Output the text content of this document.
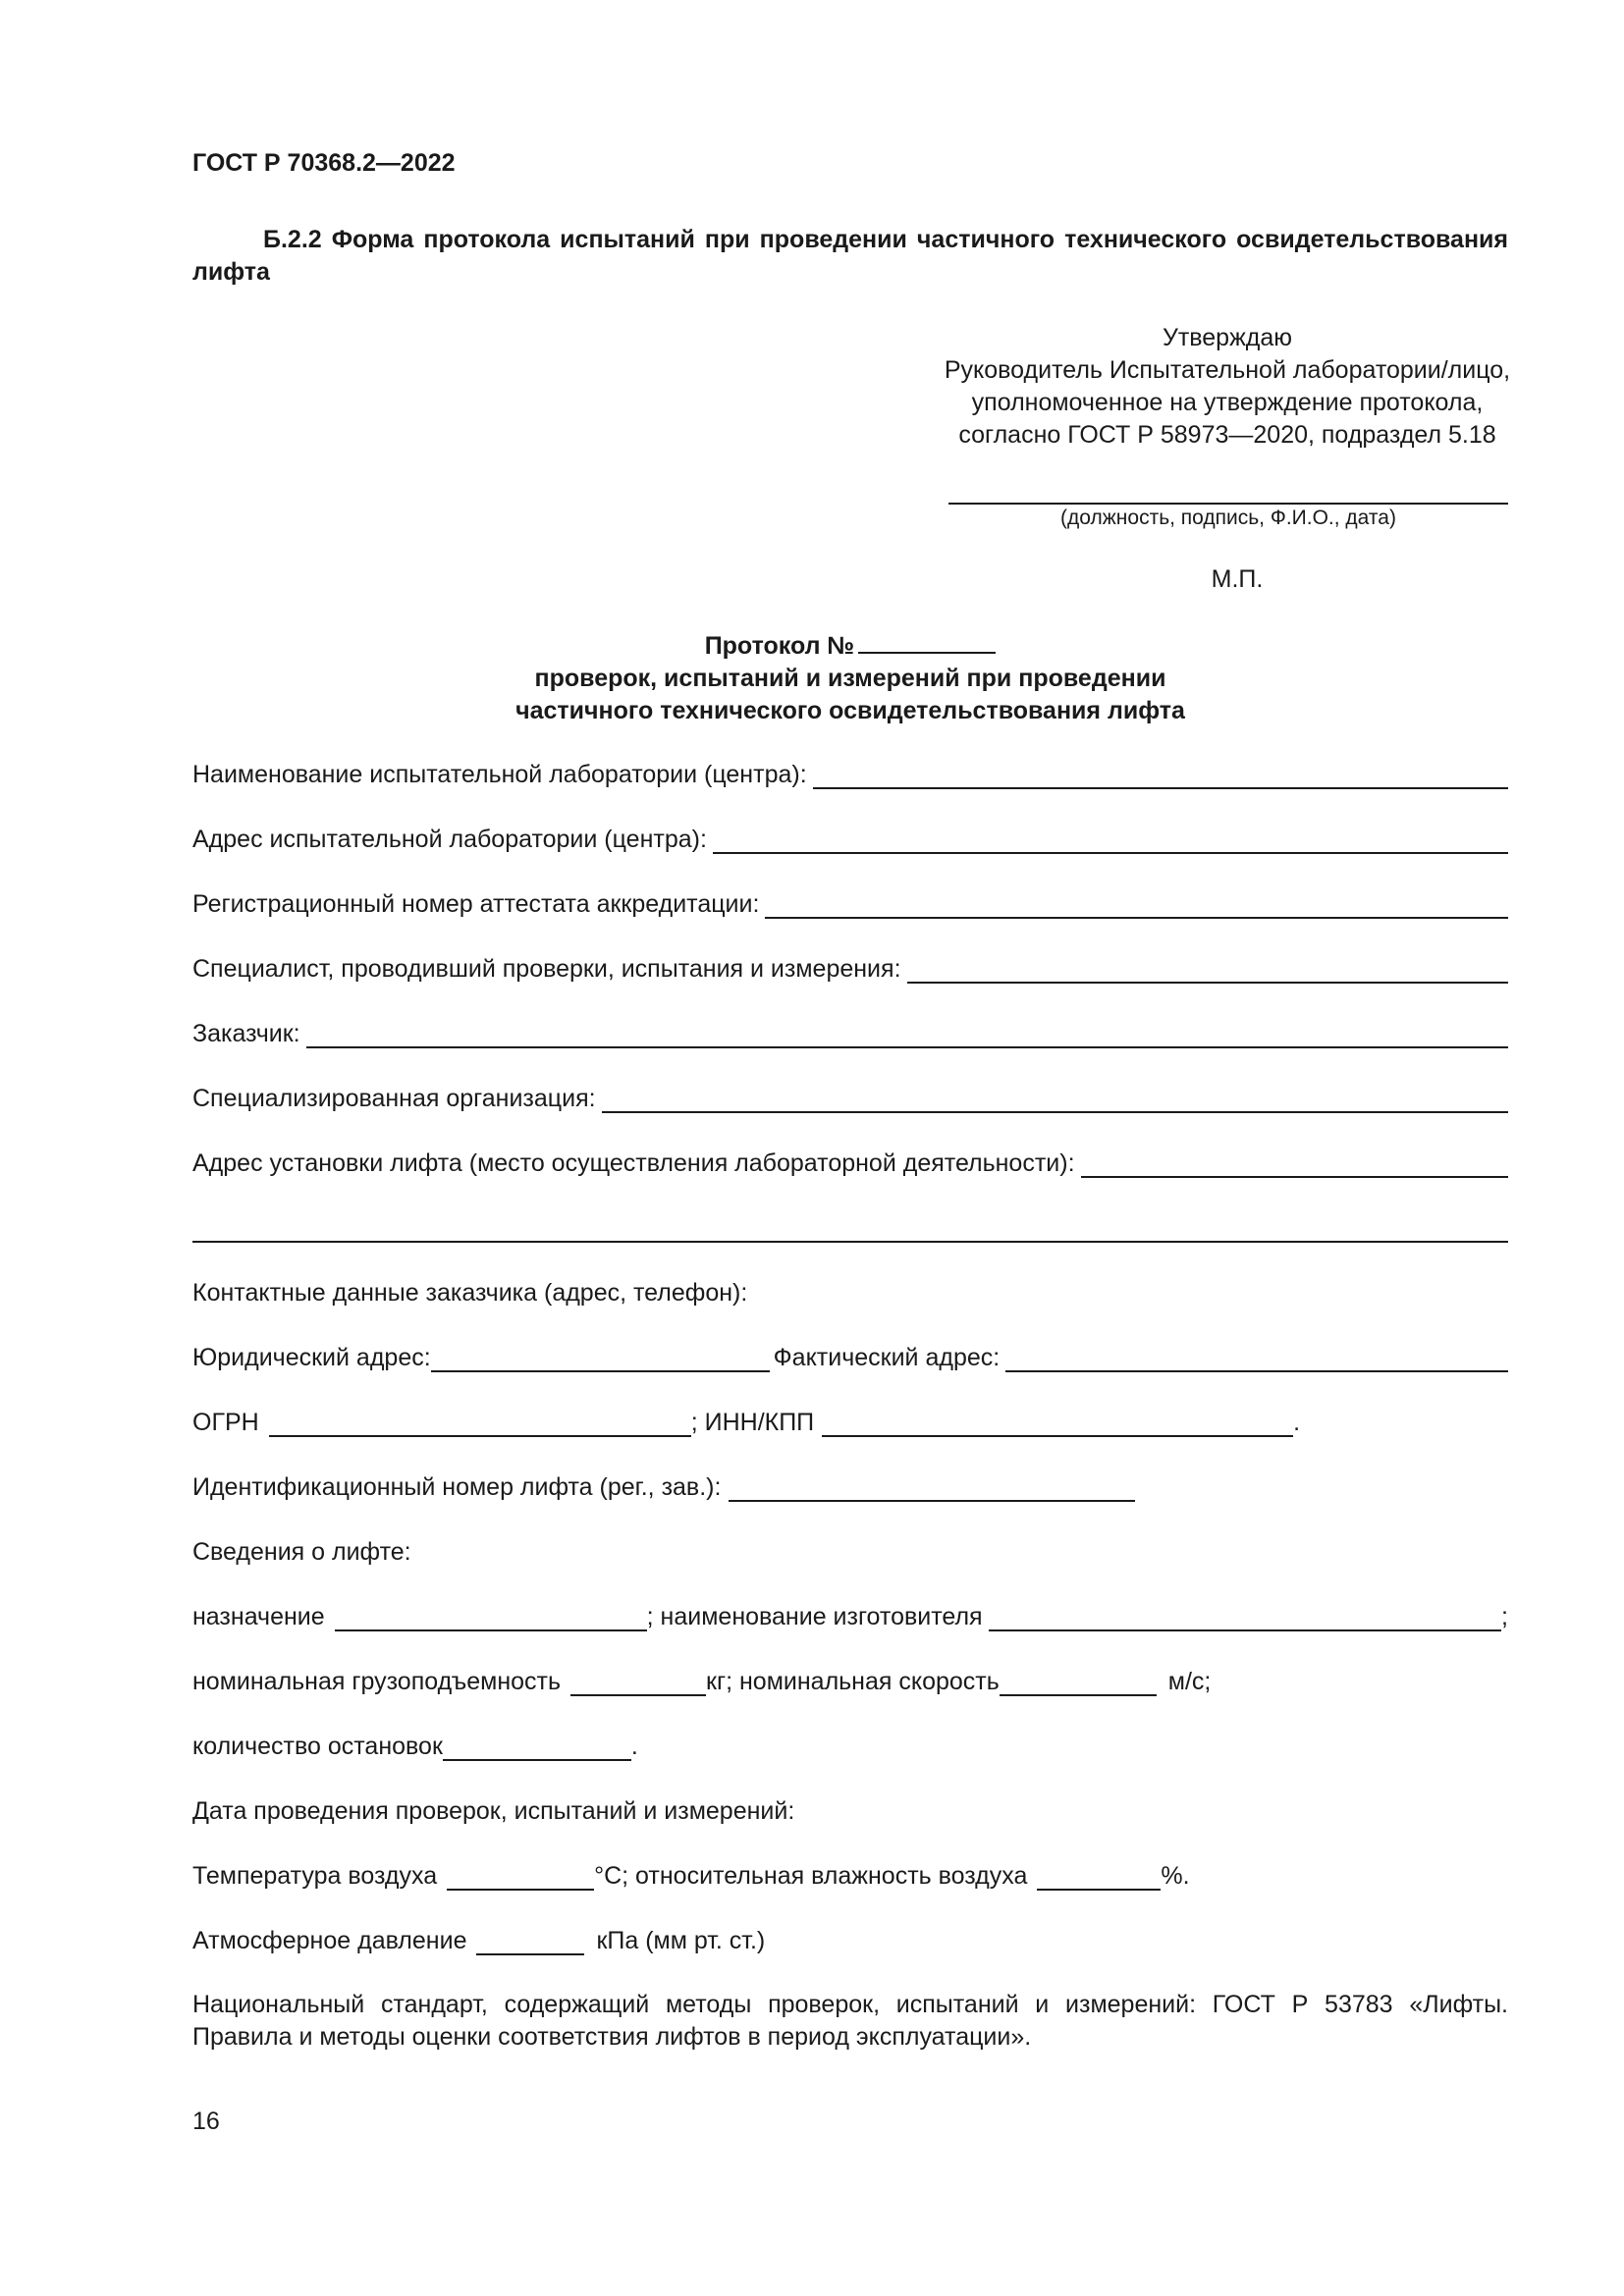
ГОСТ Р 70368.2—2022
Б.2.2 Форма протокола испытаний при проведении частичного технического освидетельствования лифта
Утверждаю
Руководитель Испытательной лаборатории/лицо,
уполномоченное на утверждение протокола,
согласно ГОСТ Р 58973—2020, подраздел 5.18
(должность, подпись, Ф.И.О., дата)
М.П.
Протокол №
проверок, испытаний и измерений при проведении
частичного технического освидетельствования лифта
Наименование испытательной лаборатории (центра):
Адрес испытательной лаборатории (центра):
Регистрационный номер аттестата аккредитации:
Специалист, проводивший проверки, испытания и измерения:
Заказчик:
Специализированная организация:
Адрес установки лифта (место осуществления лабораторной деятельности):
Контактные данные заказчика (адрес, телефон):
Юридический адрес:	Фактический адрес:
ОГРН	; ИНН/КПП	.
Идентификационный номер лифта (рег., зав.):
Сведения о лифте:
назначение	; наименование изготовителя	;
номинальная грузоподъемность	кг; номинальная скорость	м/с;
количество остановок	.
Дата проведения проверок, испытаний и измерений:
Температура воздуха	°С; относительная влажность воздуха	%.
Атмосферное давление	кПа (мм рт. ст.)
Национальный стандарт, содержащий методы проверок, испытаний и измерений: ГОСТ Р 53783 «Лифты. Правила и методы оценки соответствия лифтов в период эксплуатации».
16
